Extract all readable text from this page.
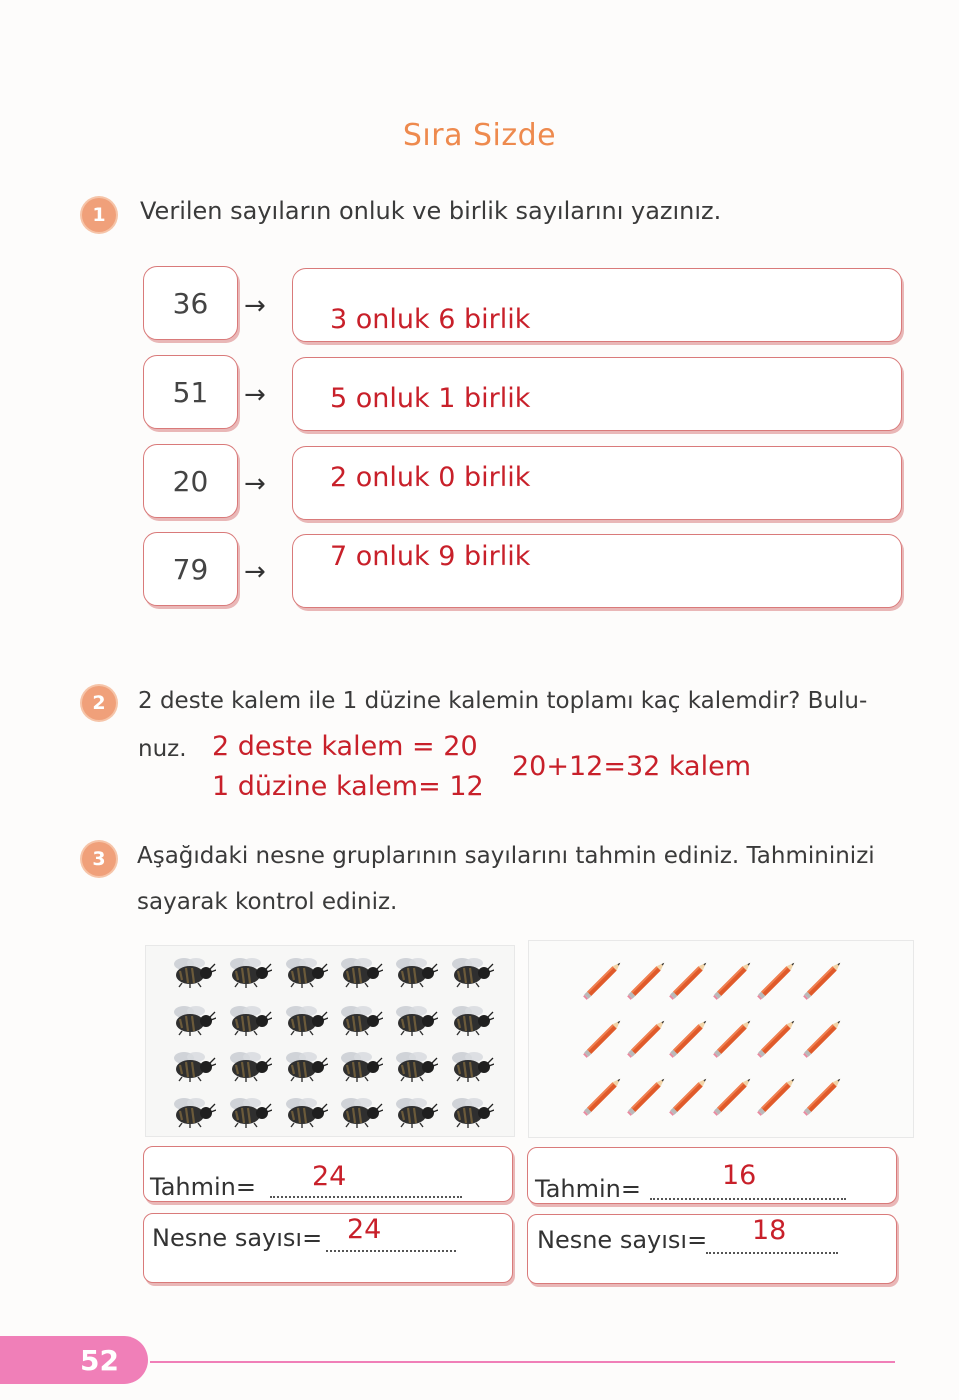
Sıra Sizde
1	Verilen sayıların onluk ve birlik sayılarını yazınız.
36	→	3 onluk 6 birlik
51	→	5 onluk 1 birlik
20	→	2 onluk 0 birlik
79	→	7 onluk 9 birlik
2	2 deste kalem ile 1 düzine kalemin toplamı kaç kalemdir? Bulu-
nuz. 2 deste kalem = 20
1 düzine kalem= 12
20+12=32 kalem
3	Aşağıdaki nesne gruplarının sayılarını tahmin ediniz. Tahmininizi
sayarak kontrol ediniz.
Tahmin= 24
Nesne sayısı= 24
Tahmin=	16
Nesne sayısı= 18
52
